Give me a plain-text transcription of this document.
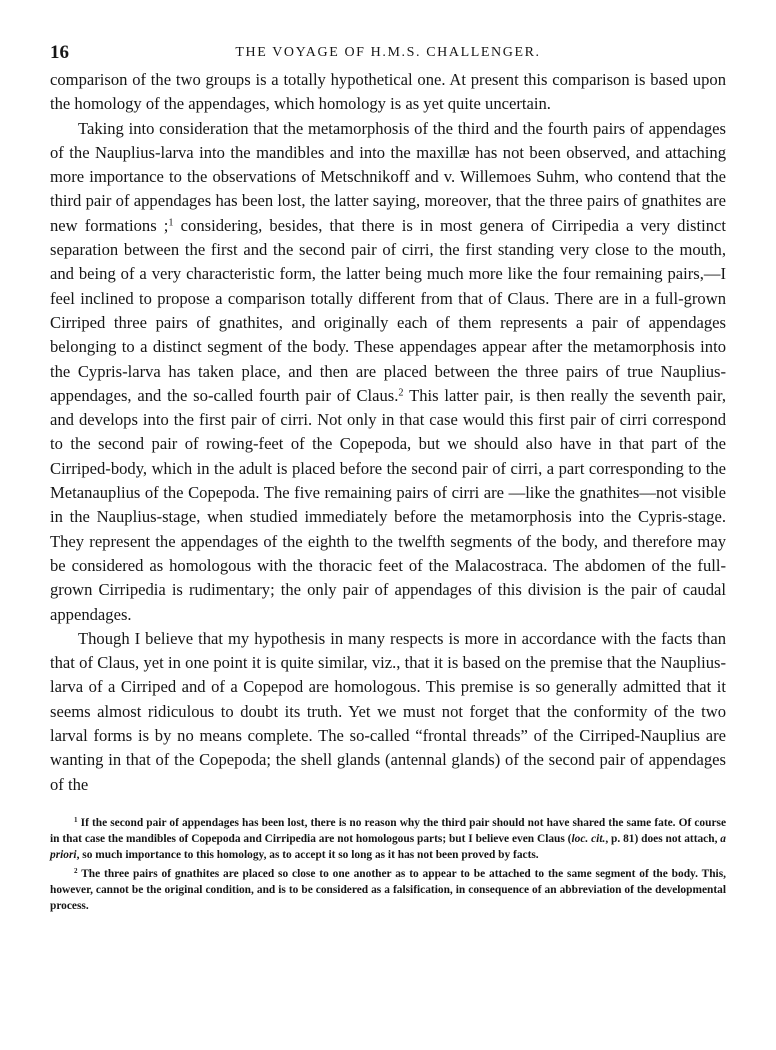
16	THE VOYAGE OF H.M.S. CHALLENGER.

comparison of the two groups is a totally hypothetical one. At present this comparison is based upon the homology of the appendages, which homology is as yet quite uncertain.

Taking into consideration that the metamorphosis of the third and the fourth pairs of appendages of the Nauplius-larva into the mandibles and into the maxillæ has not been observed, and attaching more importance to the observations of Metschnikoff and v. Willemoes Suhm, who contend that the third pair of appendages has been lost, the latter saying, moreover, that the three pairs of gnathites are new formations ;$^1$ considering, besides, that there is in most genera of Cirripedia a very distinct separation between the first and the second pair of cirri, the first standing very close to the mouth, and being of a very characteristic form, the latter being much more like the four remaining pairs,—I feel inclined to propose a comparison totally different from that of Claus. There are in a full-grown Cirriped three pairs of gnathites, and originally each of them represents a pair of appendages belonging to a distinct segment of the body. These appendages appear after the metamorphosis into the Cypris-larva has taken place, and then are placed between the three pairs of true Nauplius-appendages, and the so-called fourth pair of Claus.$^2$ This latter pair, is then really the seventh pair, and develops into the first pair of cirri. Not only in that case would this first pair of cirri correspond to the second pair of rowing-feet of the Copepoda, but we should also have in that part of the Cirriped-body, which in the adult is placed before the second pair of cirri, a part corresponding to the Metanauplius of the Copepoda. The five remaining pairs of cirri are —like the gnathites—not visible in the Nauplius-stage, when studied immediately before the metamorphosis into the Cypris-stage. They represent the appendages of the eighth to the twelfth segments of the body, and therefore may be considered as homologous with the thoracic feet of the Malacostraca. The abdomen of the full-grown Cirripedia is rudimentary; the only pair of appendages of this division is the pair of caudal appendages.

Though I believe that my hypothesis in many respects is more in accordance with the facts than that of Claus, yet in one point it is quite similar, viz., that it is based on the premise that the Nauplius-larva of a Cirriped and of a Copepod are homologous. This premise is so generally admitted that it seems almost ridiculous to doubt its truth. Yet we must not forget that the conformity of the two larval forms is by no means complete. The so-called “frontal threads” of the Cirriped-Nauplius are wanting in that of the Copepoda; the shell glands (antennal glands) of the second pair of appendages of the

$^1$ If the second pair of appendages has been lost, there is no reason why the third pair should not have shared the same fate. Of course in that case the mandibles of Copepoda and Cirripedia are not homologous parts; but I believe even Claus (loc. cit., p. 81) does not attach, a priori, so much importance to this homology, as to accept it so long as it has not been proved by facts.

$^2$ The three pairs of gnathites are placed so close to one another as to appear to be attached to the same segment of the body. This, however, cannot be the original condition, and is to be considered as a falsification, in consequence of an abbreviation of the developmental process.
